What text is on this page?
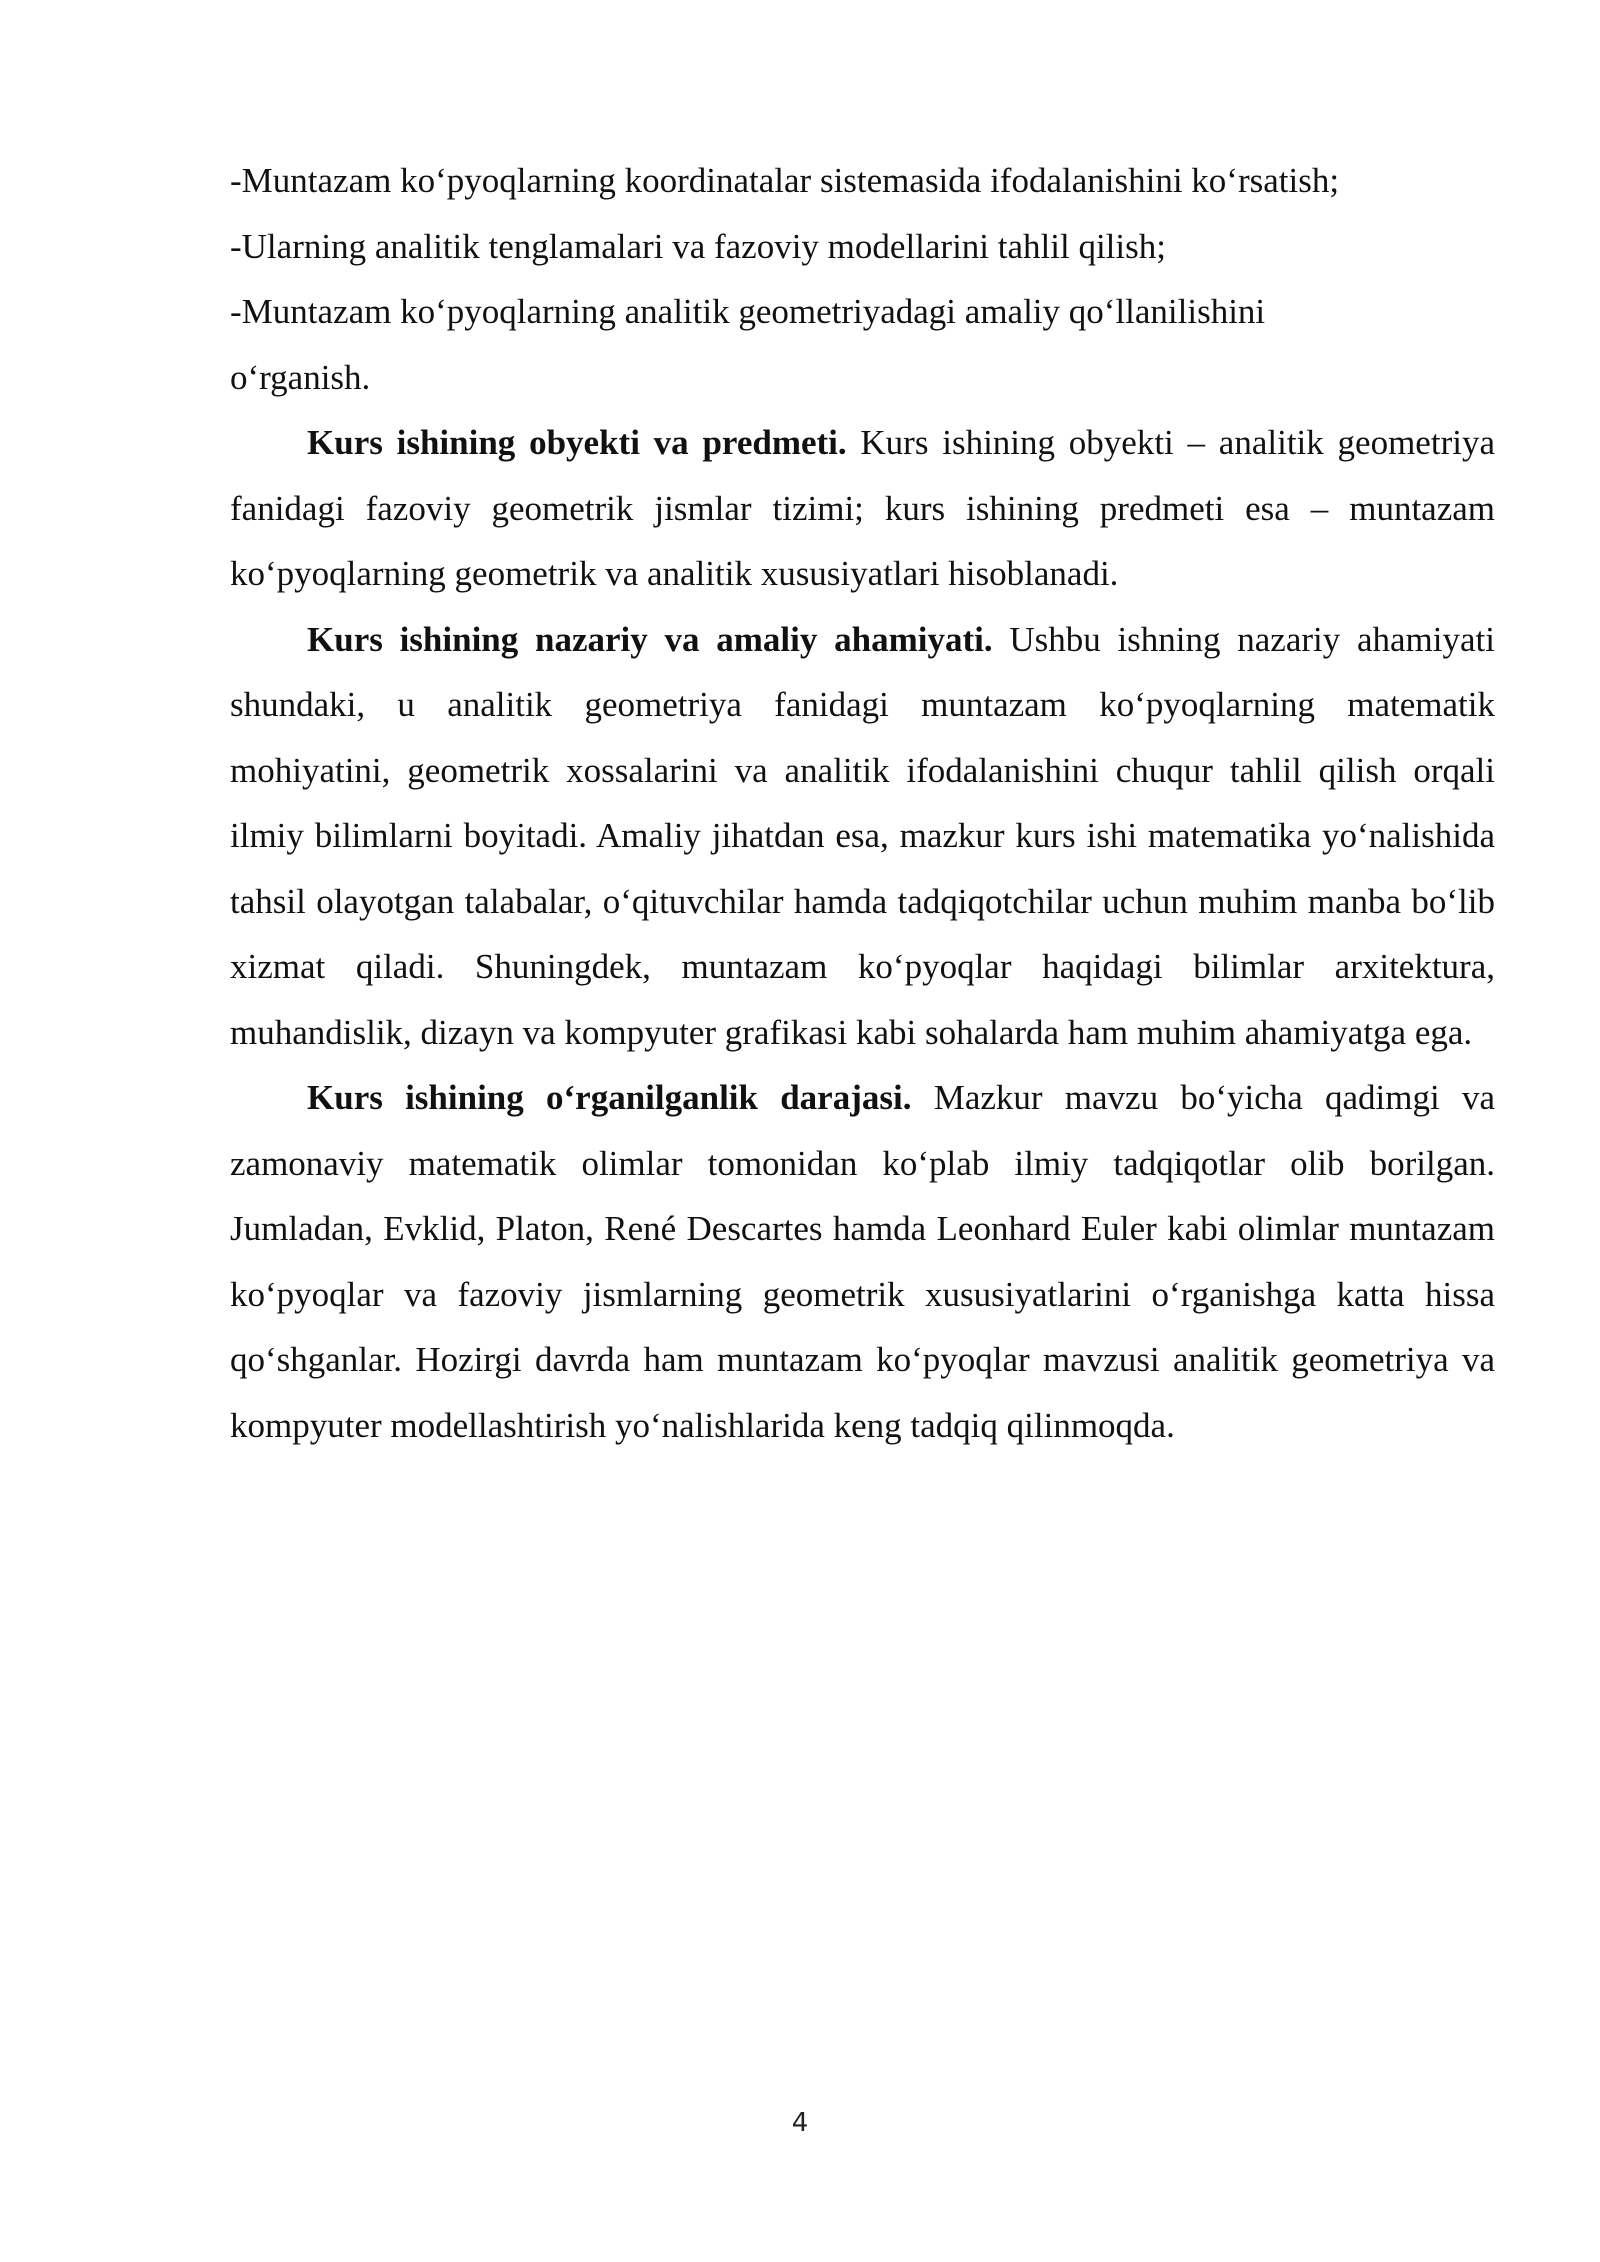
-Muntazam koʻpyoqlarning koordinatalar sistemasida ifodalanishini koʻrsatish;

-Ularning analitik tenglamalari va fazoviy modellarini tahlil qilish;

-Muntazam koʻpyoqlarning analitik geometriyadagi amaliy qoʻllanilishini

oʻrganish.

Kurs ishining obyekti va predmeti. Kurs ishining obyekti – analitik geometriya fanidagi fazoviy geometrik jismlar tizimi; kurs ishining predmeti esa – muntazam koʻpyoqlarning geometrik va analitik xususiyatlari hisoblanadi.

Kurs ishining nazariy va amaliy ahamiyati. Ushbu ishning nazariy ahamiyati shundaki, u analitik geometriya fanidagi muntazam koʻpyoqlarning matematik mohiyatini, geometrik xossalarini va analitik ifodalanishini chuqur tahlil qilish orqali ilmiy bilimlarni boyitadi. Amaliy jihatdan esa, mazkur kurs ishi matematika yoʻnalishida tahsil olayotgan talabalar, oʻqituvchilar hamda tadqiqotchilar uchun muhim manba boʻlib xizmat qiladi. Shuningdek, muntazam koʻpyoqlar haqidagi bilimlar arxitektura, muhandislik, dizayn va kompyuter grafikasi kabi sohalarda ham muhim ahamiyatga ega.

Kurs ishining oʻrganilganlik darajasi. Mazkur mavzu boʻyicha qadimgi va zamonaviy matematik olimlar tomonidan koʻplab ilmiy tadqiqotlar olib borilgan. Jumladan, Evklid, Platon, René Descartes hamda Leonhard Euler kabi olimlar muntazam koʻpyoqlar va fazoviy jismlarning geometrik xususiyatlarini oʻrganishga katta hissa qoʻshganlar. Hozirgi davrda ham muntazam koʻpyoqlar mavzusi analitik geometriya va kompyuter modellashtirish yoʻnalishlarida keng tadqiq qilinmoqda.

4
